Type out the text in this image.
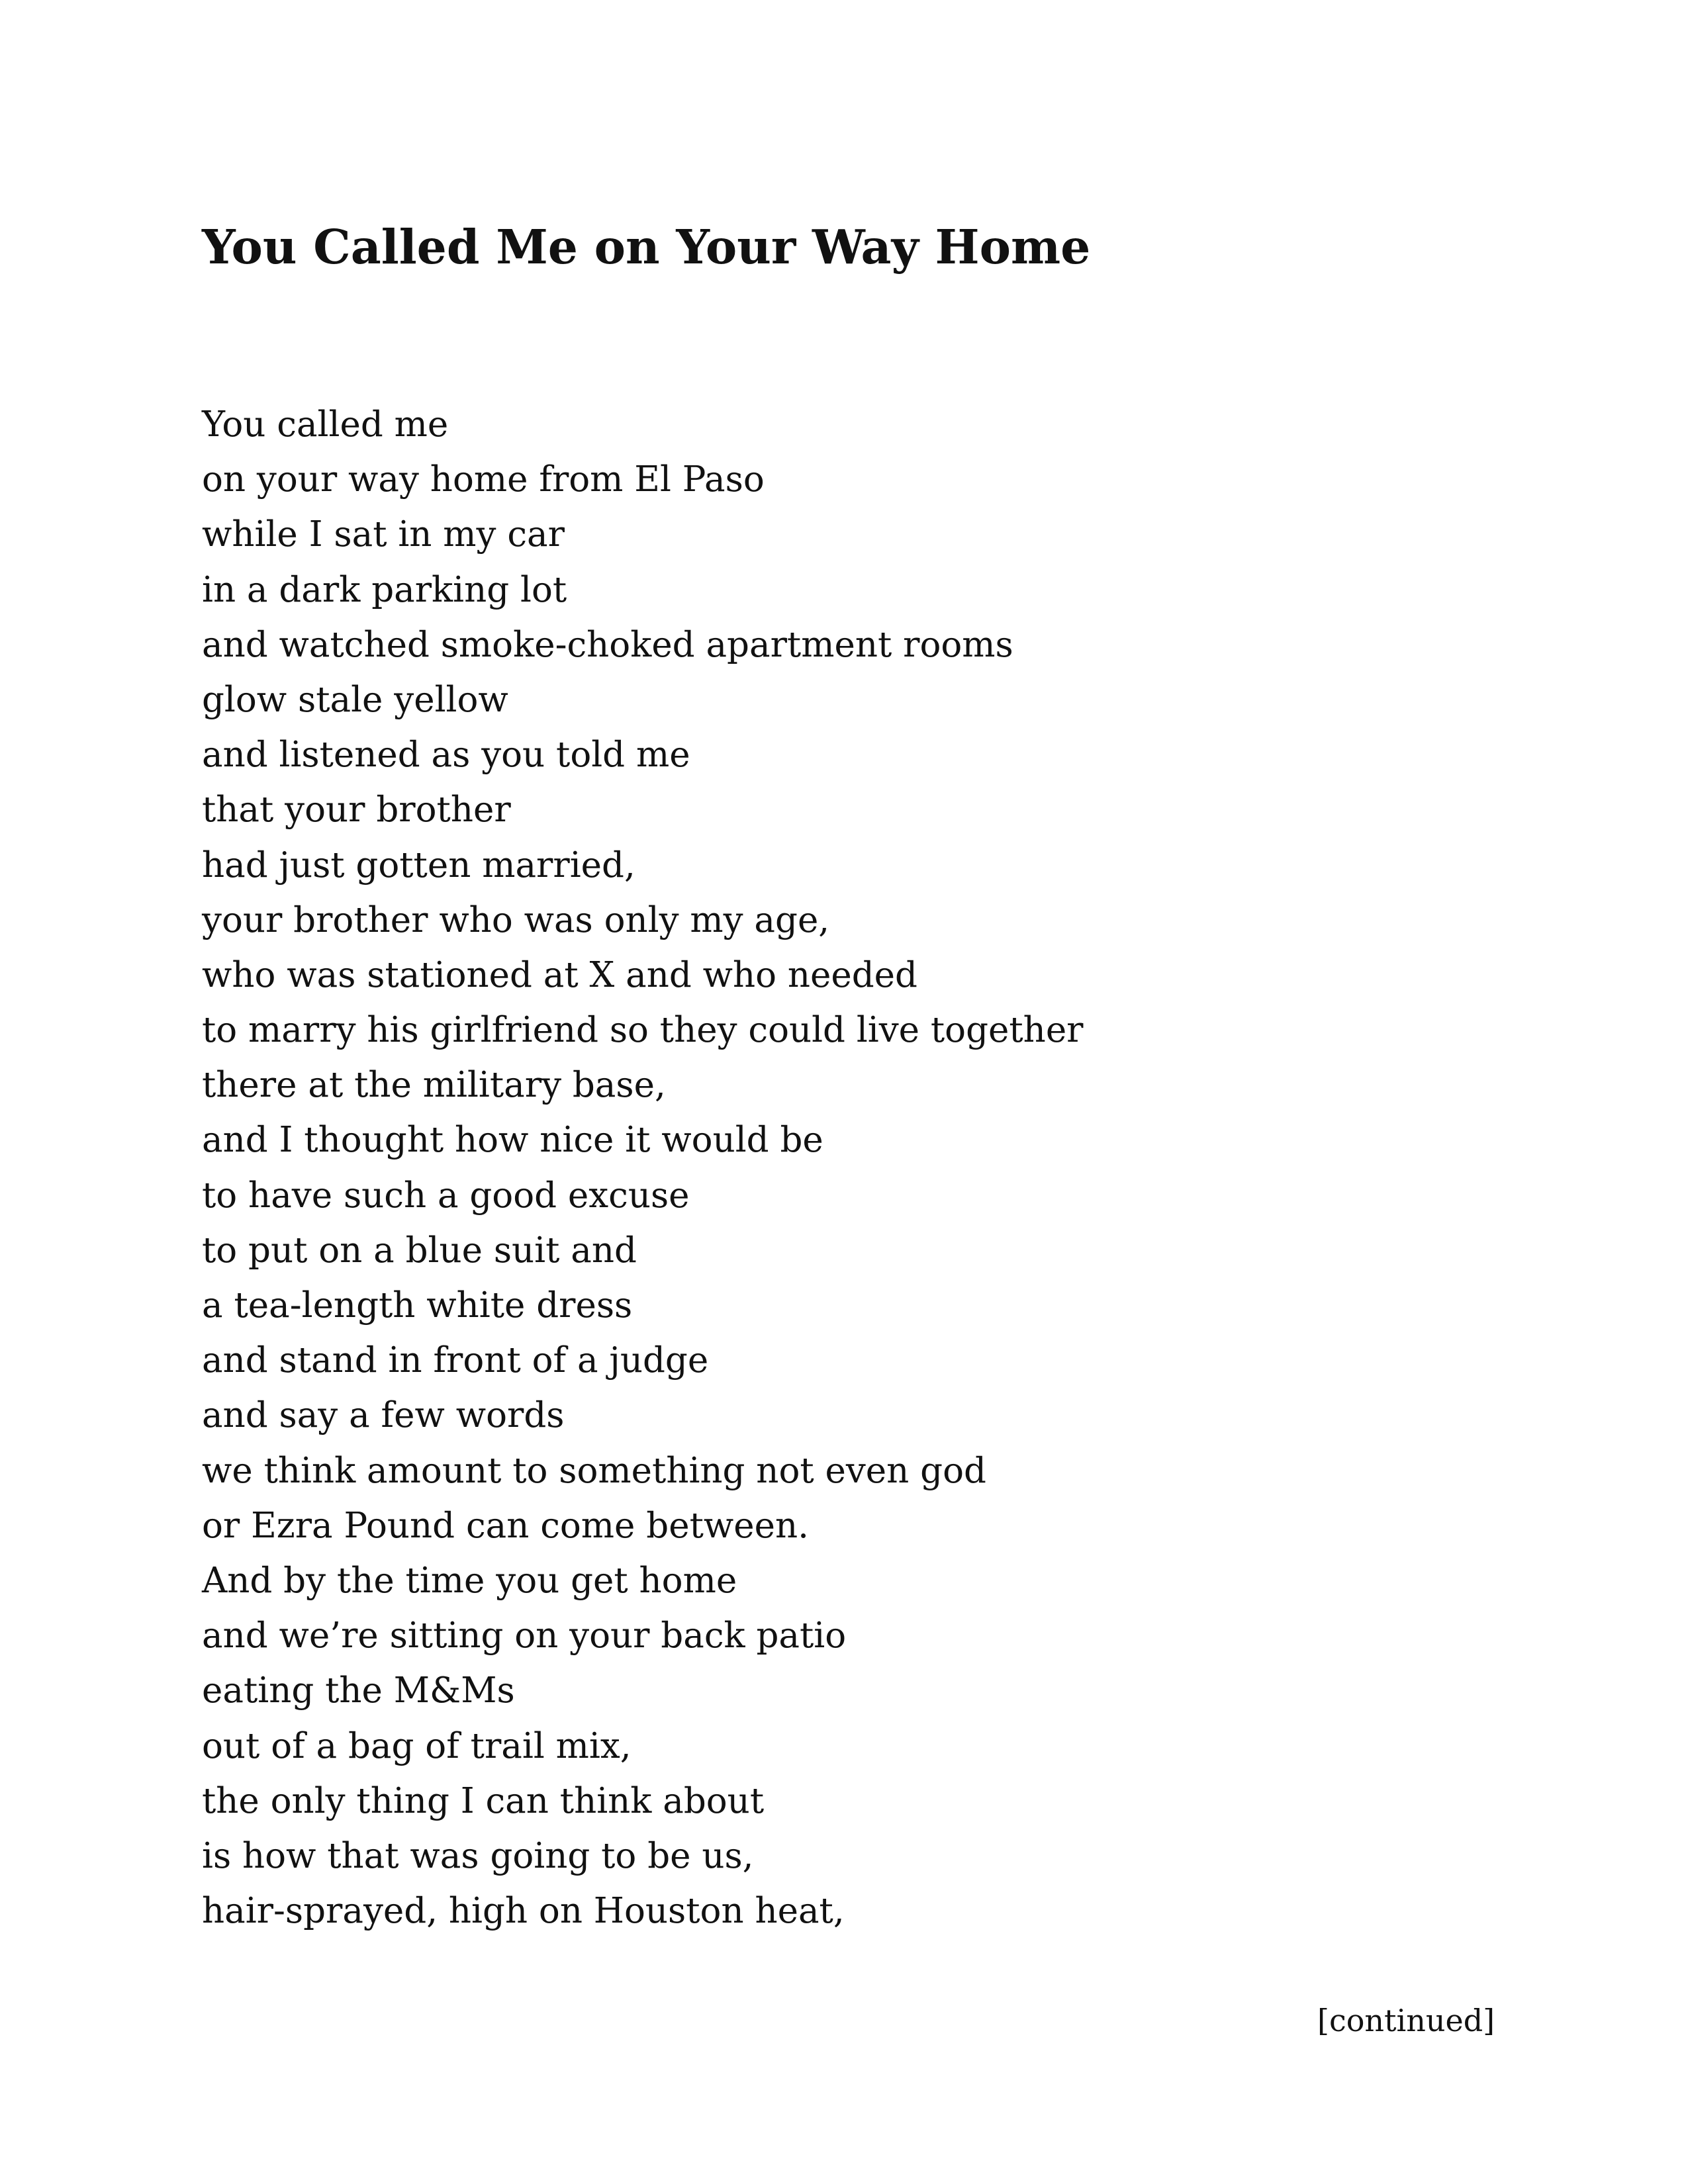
You Called Me on Your Way Home
You called me
on your way home from El Paso
while I sat in my car
in a dark parking lot
and watched smoke-choked apartment rooms
glow stale yellow
and listened as you told me
that your brother
had just gotten married,
your brother who was only my age,
who was stationed at X and who needed
to marry his girlfriend so they could live together
there at the military base,
and I thought how nice it would be
to have such a good excuse
to put on a blue suit and
a tea-length white dress
and stand in front of a judge
and say a few words
we think amount to something not even god
or Ezra Pound can come between.
And by the time you get home
and we’re sitting on your back patio
eating the M&Ms
out of a bag of trail mix,
the only thing I can think about
is how that was going to be us,
hair-sprayed, high on Houston heat,
[continued]
